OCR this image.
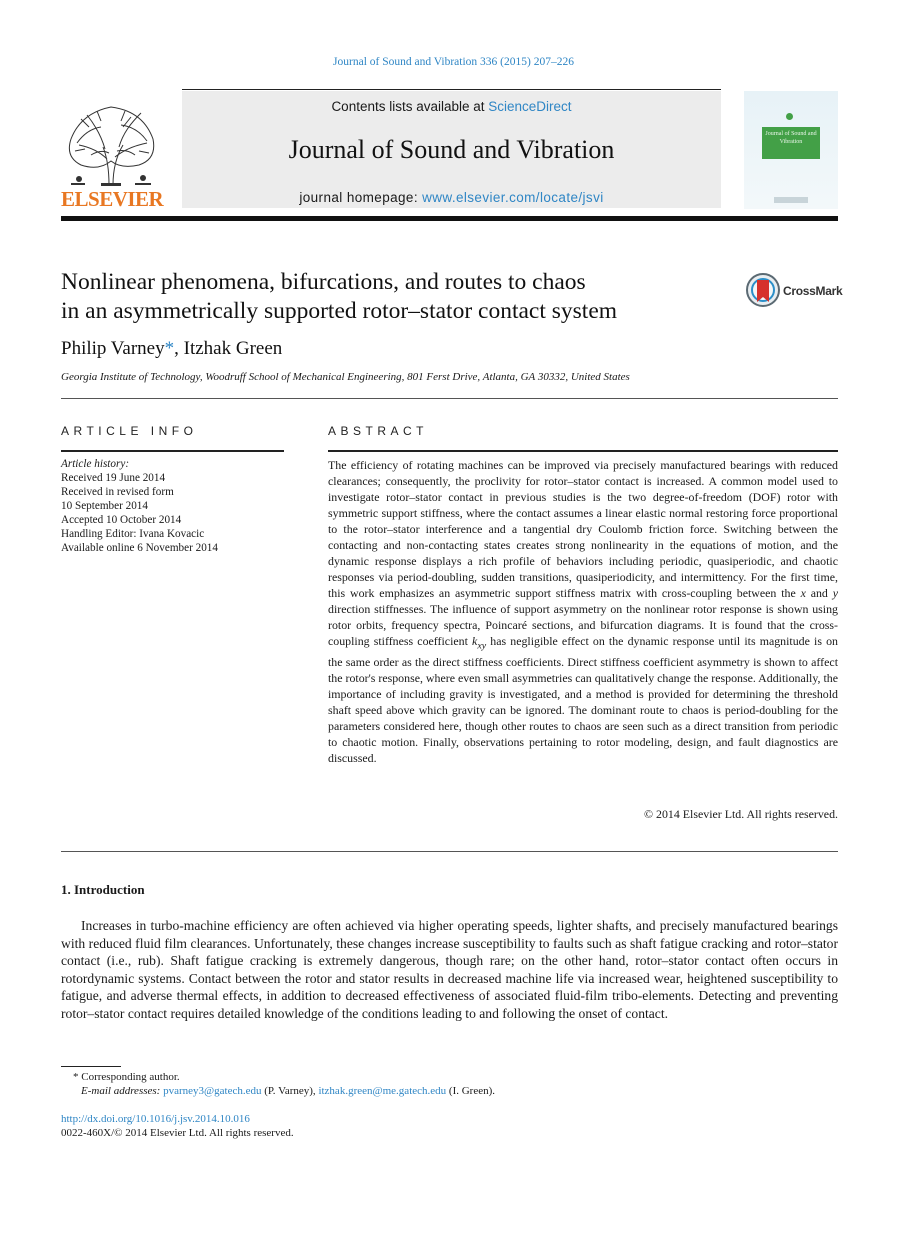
Journal of Sound and Vibration 336 (2015) 207–226
Contents lists available at ScienceDirect
Journal of Sound and Vibration
journal homepage: www.elsevier.com/locate/jsvi
ELSEVIER
Journal of Sound and Vibration
Nonlinear phenomena, bifurcations, and routes to chaos
in an asymmetrically supported rotor–stator contact system
CrossMark
Philip Varney*, Itzhak Green
Georgia Institute of Technology, Woodruff School of Mechanical Engineering, 801 Ferst Drive, Atlanta, GA 30332, United States
ARTICLE INFO	ABSTRACT
Article history:
Received 19 June 2014
Received in revised form
10 September 2014
Accepted 10 October 2014
Handling Editor: Ivana Kovacic
Available online 6 November 2014
The efficiency of rotating machines can be improved via precisely manufactured bearings with reduced clearances; consequently, the proclivity for rotor–stator contact is increased. A common model used to investigate rotor–stator contact in previous studies is the two degree-of-freedom (DOF) rotor with symmetric support stiffness, where the contact assumes a linear elastic normal restoring force proportional to the rotor–stator interference and a tangential dry Coulomb friction force. Switching between the contacting and non-contacting states creates strong nonlinearity in the equations of motion, and the dynamic response displays a rich profile of behaviors including periodic, quasiperiodic, and chaotic responses via period-doubling, sudden transitions, quasiperiodicity, and intermittency. For the first time, this work emphasizes an asymmetric support stiffness matrix with cross-coupling between the x and y direction stiffnesses. The influence of support asymmetry on the nonlinear rotor response is shown using rotor orbits, frequency spectra, Poincaré sections, and bifurcation diagrams. It is found that the cross-coupling stiffness coefficient $k_{xy}$ has negligible effect on the dynamic response until its magnitude is on the same order as the direct stiffness coefficients. Direct stiffness coefficient asymmetry is shown to affect the rotor's response, where even small asymmetries can qualitatively change the response. Additionally, the importance of including gravity is investigated, and a method is provided for determining the threshold shaft speed above which gravity can be ignored. The dominant route to chaos is period-doubling for the parameters considered here, though other routes to chaos are seen such as a direct transition from periodic to chaotic motion. Finally, observations pertaining to rotor modeling, design, and fault diagnostics are discussed.
© 2014 Elsevier Ltd. All rights reserved.
1. Introduction
Increases in turbo-machine efficiency are often achieved via higher operating speeds, lighter shafts, and precisely manufactured bearings with reduced fluid film clearances. Unfortunately, these changes increase susceptibility to faults such as shaft fatigue cracking and rotor–stator contact (i.e., rub). Shaft fatigue cracking is extremely dangerous, though rare; on the other hand, rotor–stator contact often occurs in rotordynamic systems. Contact between the rotor and stator results in decreased machine life via increased wear, heightened susceptibility to fatigue, and adverse thermal effects, in addition to decreased effectiveness of associated fluid-film tribo-elements. Detecting and preventing rotor–stator contact requires detailed knowledge of the conditions leading to and following the onset of contact.
* Corresponding author.
E-mail addresses: pvarney3@gatech.edu (P. Varney), itzhak.green@me.gatech.edu (I. Green).
http://dx.doi.org/10.1016/j.jsv.2014.10.016
0022-460X/© 2014 Elsevier Ltd. All rights reserved.
